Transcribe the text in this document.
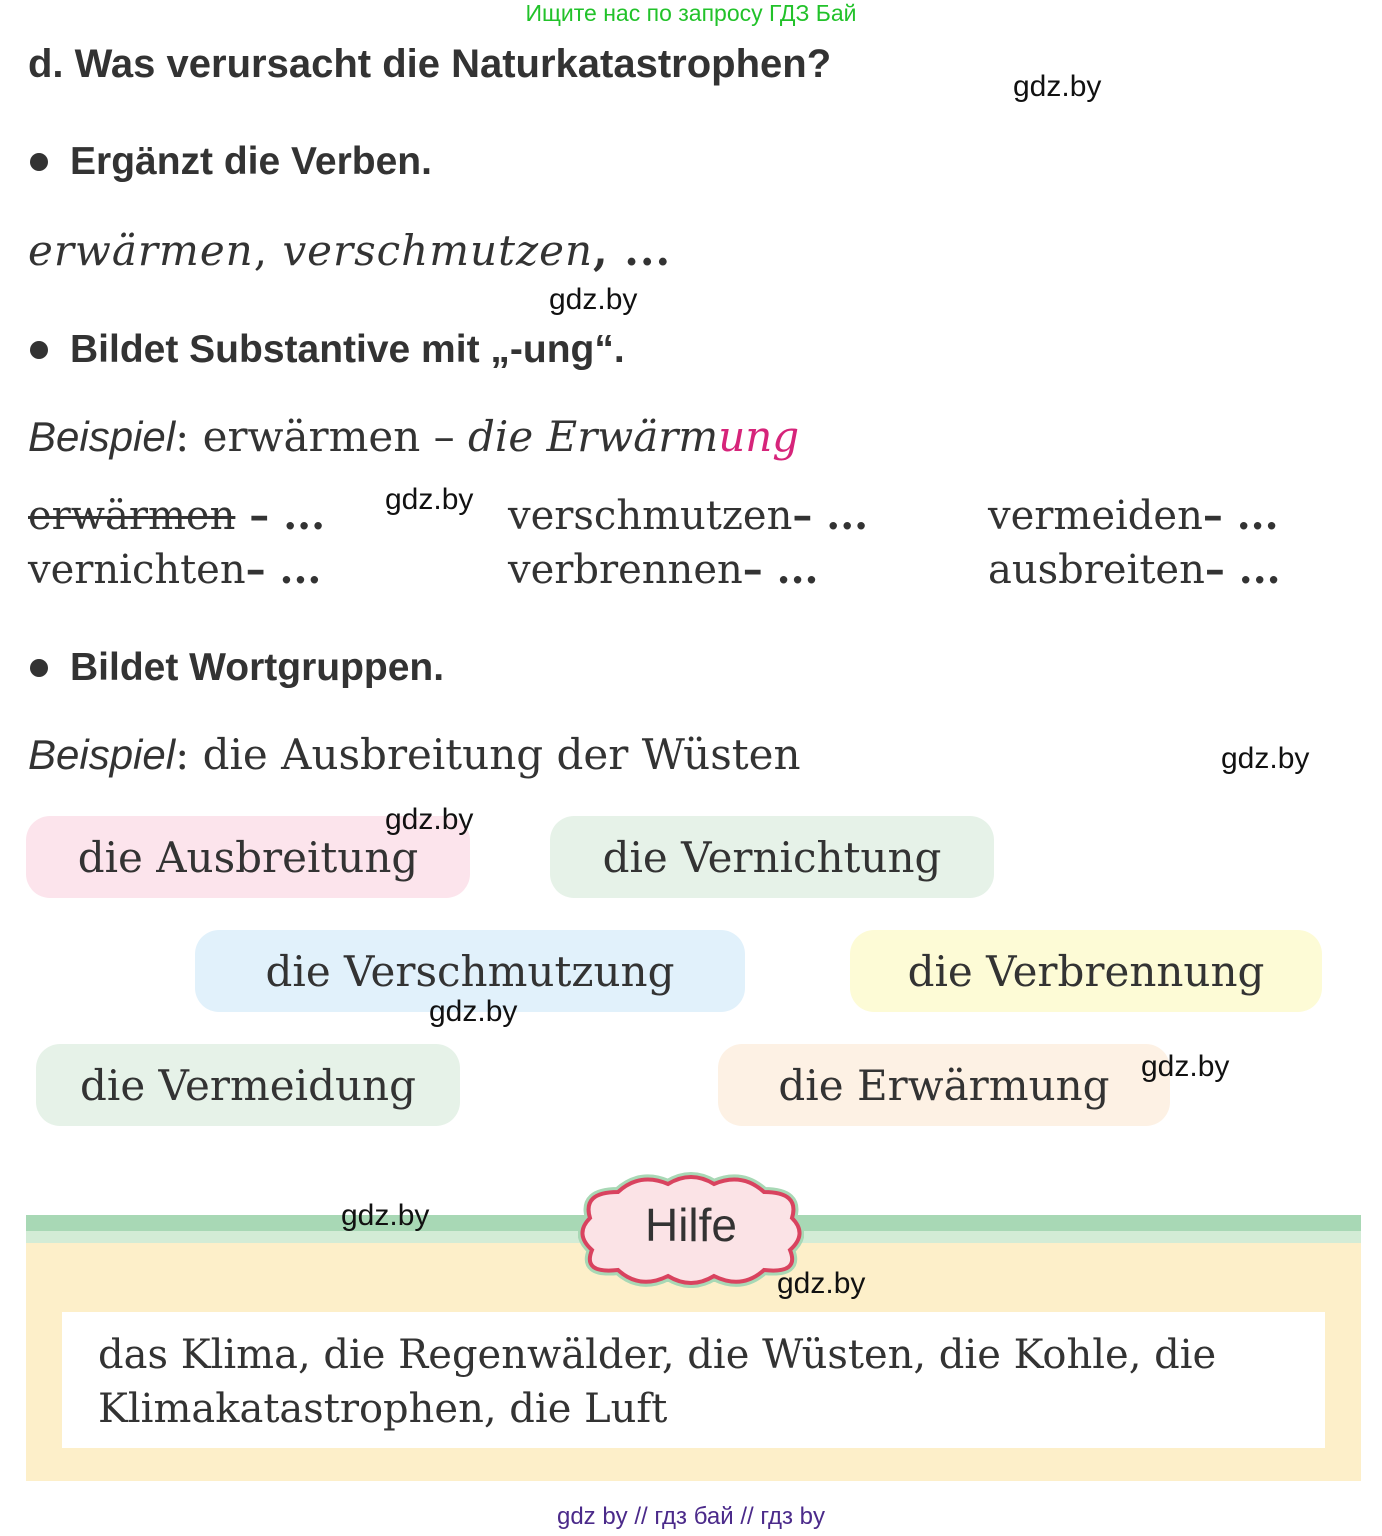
Ищите нас по запросу ГДЗ Бай
d. Was verursacht die Naturkatastrophen?
Ergänzt die Verben.
erwärmen, verschmutzen, ...
Bildet Substantive mit „-ung“.
Beispiel: erwärmen – die Erwärmung
erwärmen – ...	verschmutzen– ...	vermeiden– ...
vernichten– ...	verbrennen– ...	ausbreiten– ...
Bildet Wortgruppen.
Beispiel: die Ausbreitung der Wüsten
die Ausbreitung	die Vernichtung
die Verschmutzung	die Verbrennung
die Vermeidung	die Erwärmung
das Klima, die Regenwälder, die Wüsten, die Kohle, die Klimakatastrophen, die Luft
Hilfe
gdz.by
gdz.by
gdz.by
gdz.by
gdz.by
gdz.by
gdz.by
gdz.by
gdz.by
gdz by // гдз бай // гдз by
